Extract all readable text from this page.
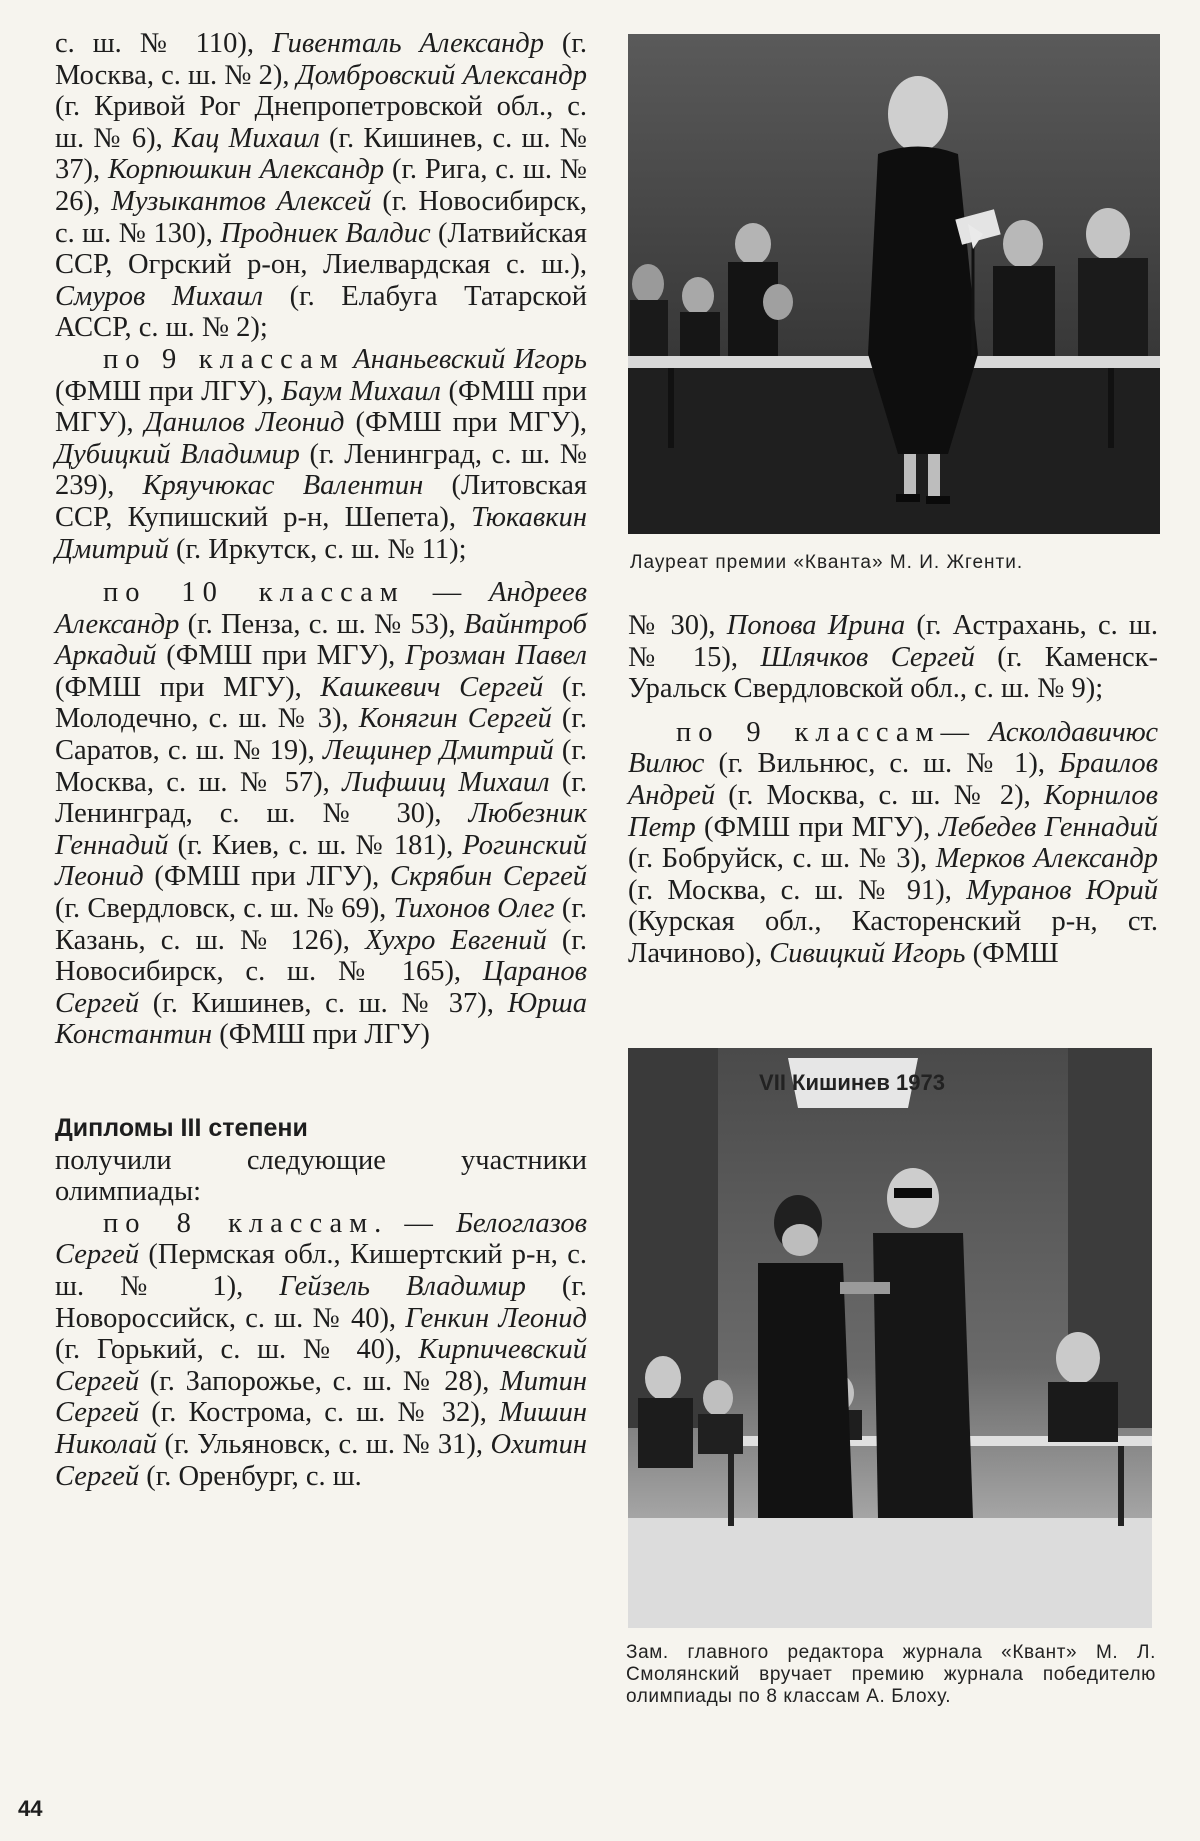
с. ш. № 110), Гивенталь Александр (г. Москва, с. ш. № 2), Домбровский Александр (г. Кривой Рог Днепропетровской обл., с. ш. № 6), Кац Михаил (г. Кишинев, с. ш. № 37), Корпюшкин Александр (г. Рига, с. ш. № 26), Музыкантов Алексей (г. Новосибирск, с. ш. № 130), Продниек Валдис (Латвийская ССР, Огрский р-он, Лиелвардская с. ш.), Смуров Михаил (г. Елабуга Татарской АССР, с. ш. № 2);

по 9 классам Ананьевский Игорь (ФМШ при ЛГУ), Баум Михаил (ФМШ при МГУ), Данилов Леонид (ФМШ при МГУ), Дубицкий Владимир (г. Ленинград, с. ш. № 239), Кряучюкас Валентин (Литовская ССР, Купишский р-н, Шепета), Тюкавкин Дмитрий (г. Иркутск, с. ш. № 11);

по 10 классам — Андреев Александр (г. Пенза, с. ш. № 53), Вайнтроб Аркадий (ФМШ при МГУ), Грозман Павел (ФМШ при МГУ), Кашкевич Сергей (г. Молодечно, с. ш. № 3), Конягин Сергей (г. Саратов, с. ш. № 19), Лещинер Дмитрий (г. Москва, с. ш. № 57), Лифшиц Михаил (г. Ленинград, с. ш. № 30), Любезник Геннадий (г. Киев, с. ш. № 181), Рогинский Леонид (ФМШ при ЛГУ), Скрябин Сергей (г. Свердловск, с. ш. № 69), Тихонов Олег (г. Казань, с. ш. № 126), Хухро Евгений (г. Новосибирск, с. ш. № 165), Царанов Сергей (г. Кишинев, с. ш. № 37), Юрша Константин (ФМШ при ЛГУ)

Дипломы III степени

получили следующие участники олимпиады:

по 8 классам. — Белоглазов Сергей (Пермская обл., Кишертский р-н, с. ш. № 1), Гейзель Владимир (г. Новороссийск, с. ш. № 40), Генкин Леонид (г. Горький, с. ш. № 40), Кирпичевский Сергей (г. Запорожье, с. ш. № 28), Митин Сергей (г. Кострома, с. ш. № 32), Мишин Николай (г. Ульяновск, с. ш. № 31), Охитин Сергей (г. Оренбург, с. ш.

Лауреат премии «Кванта» М. И. Жгенти.

№ 30), Попова Ирина (г. Астрахань, с. ш. № 15), Шлячков Сергей (г. Каменск-Уральск Свердловской обл., с. ш. № 9);

по 9 классам— Асколдавичюс Вилюс (г. Вильнюс, с. ш. № 1), Браилов Андрей (г. Москва, с. ш. № 2), Корнилов Петр (ФМШ при МГУ), Лебедев Геннадий (г. Бобруйск, с. ш. № 3), Мерков Александр (г. Москва, с. ш. № 91), Муранов Юрий (Курская обл., Касторенский р-н, ст. Лачиново), Сивицкий Игорь (ФМШ

VII Кишинев 1973
Зам. главного редактора журнала «Квант» М. Л. Смолянский вручает премию журнала победителю олимпиады по 8 классам А. Блоху.
44
